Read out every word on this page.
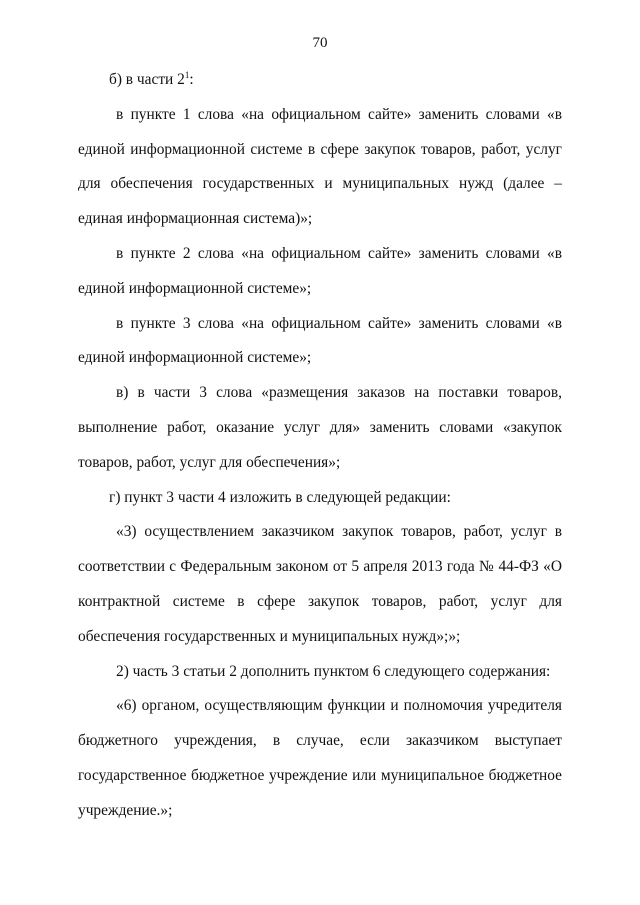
70

б) в части $2^1$:

в пункте 1 слова «на официальном сайте» заменить словами «в единой информационной системе в сфере закупок товаров, работ, услуг для обеспечения государственных и муниципальных нужд (далее – единая информационная система)»;

в пункте 2 слова «на официальном сайте» заменить словами «в единой информационной системе»;

в пункте 3 слова «на официальном сайте» заменить словами «в единой информационной системе»;

в) в части 3 слова «размещения заказов на поставки товаров, выполнение работ, оказание услуг для» заменить словами «закупок товаров, работ, услуг для обеспечения»;

г) пункт 3 части 4 изложить в следующей редакции:

«3) осуществлением заказчиком закупок товаров, работ, услуг в соответствии с Федеральным законом от 5 апреля 2013 года № 44-ФЗ «О контрактной системе в сфере закупок товаров, работ, услуг для обеспечения государственных и муниципальных нужд»;»;

2) часть 3 статьи 2 дополнить пунктом 6 следующего содержания:

«6) органом, осуществляющим функции и полномочия учредителя бюджетного учреждения, в случае, если заказчиком выступает государственное бюджетное учреждение или муниципальное бюджетное учреждение.»;
